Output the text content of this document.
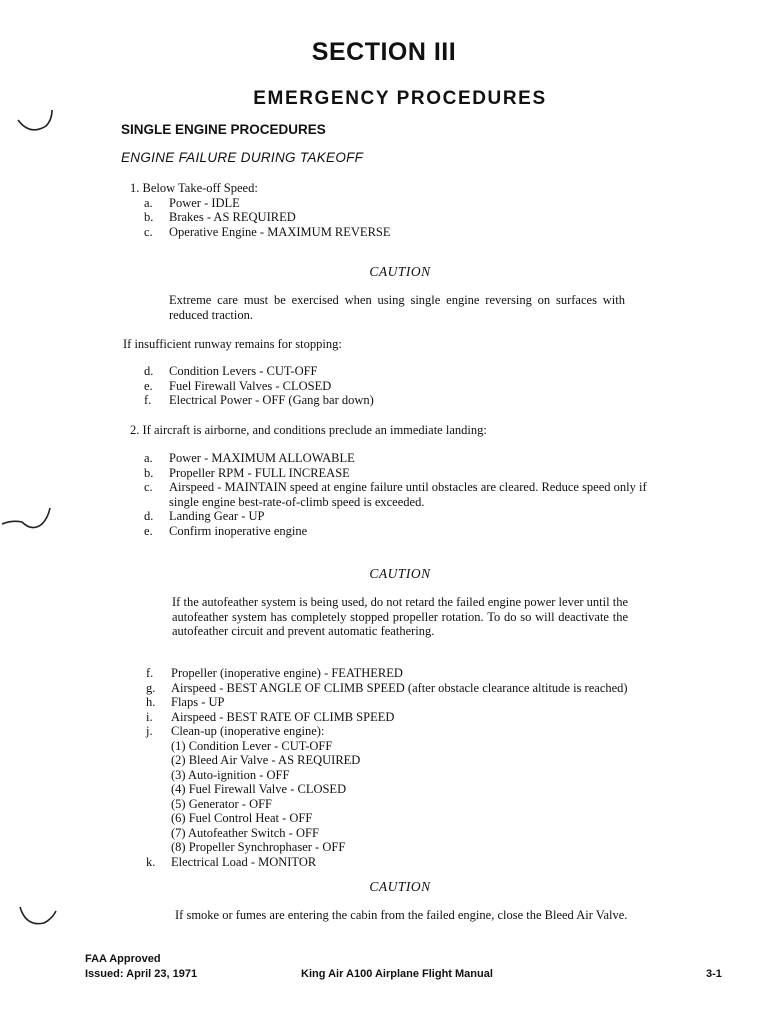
SECTION III
EMERGENCY PROCEDURES
SINGLE ENGINE PROCEDURES
ENGINE FAILURE DURING TAKEOFF
1. Below Take-off Speed:
a.	Power - IDLE
b.	Brakes - AS REQUIRED
c.	Operative Engine - MAXIMUM REVERSE
CAUTION
Extreme care must be exercised when using single engine reversing on surfaces with reduced traction.
If insufficient runway remains for stopping:
d.	Condition Levers - CUT-OFF
e.	Fuel Firewall Valves - CLOSED
f.	Electrical Power - OFF (Gang bar down)
2. If aircraft is airborne, and conditions preclude an immediate landing:
a.	Power - MAXIMUM ALLOWABLE
b.	Propeller RPM - FULL INCREASE
c.	Airspeed - MAINTAIN speed at engine failure until obstacles are cleared. Reduce speed only if single engine best-rate-of-climb speed is exceeded.
d.	Landing Gear - UP
e.	Confirm inoperative engine
CAUTION
If the autofeather system is being used, do not retard the failed engine power lever until the autofeather system has completely stopped propeller rotation. To do so will deactivate the autofeather circuit and prevent automatic feathering.
f.	Propeller (inoperative engine) - FEATHERED
g.	Airspeed - BEST ANGLE OF CLIMB SPEED (after obstacle clearance altitude is reached)
h.	Flaps - UP
i.	Airspeed - BEST RATE OF CLIMB SPEED
j.	Clean-up (inoperative engine):
(1) Condition Lever - CUT-OFF
(2) Bleed Air Valve - AS REQUIRED
(3) Auto-ignition - OFF
(4) Fuel Firewall Valve - CLOSED
(5) Generator - OFF
(6) Fuel Control Heat - OFF
(7) Autofeather Switch - OFF
(8) Propeller Synchrophaser - OFF
k.	Electrical Load - MONITOR
CAUTION
If smoke or fumes are entering the cabin from the failed engine, close the Bleed Air Valve.
FAA Approved
Issued: April 23, 1971	King Air A100 Airplane Flight Manual	3-1
